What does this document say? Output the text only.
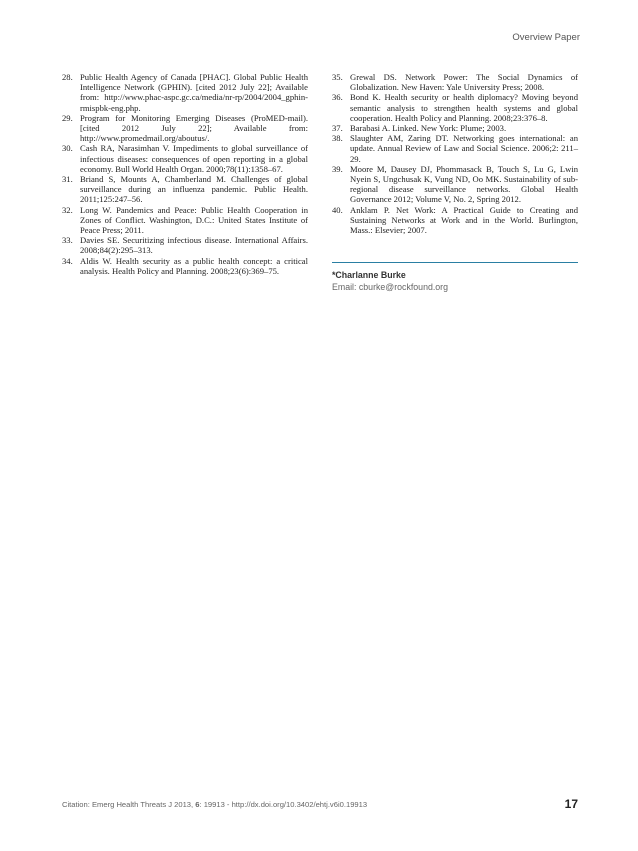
Overview Paper
28. Public Health Agency of Canada [PHAC]. Global Public Health Intelligence Network (GPHIN). [cited 2012 July 22]; Available from: http://www.phac-aspc.gc.ca/media/nr-rp/2004/2004_gphin-rmispbk-eng.php.
29. Program for Monitoring Emerging Diseases (ProMED-mail). [cited 2012 July 22]; Available from: http://www.promedmail.org/aboutus/.
30. Cash RA, Narasimhan V. Impediments to global surveillance of infectious diseases: consequences of open reporting in a global economy. Bull World Health Organ. 2000;78(11):1358–67.
31. Briand S, Mounts A, Chamberland M. Challenges of global surveillance during an influenza pandemic. Public Health. 2011;125:247–56.
32. Long W. Pandemics and Peace: Public Health Cooperation in Zones of Conflict. Washington, D.C.: United States Institute of Peace Press; 2011.
33. Davies SE. Securitizing infectious disease. International Affairs. 2008;84(2):295–313.
34. Aldis W. Health security as a public health concept: a critical analysis. Health Policy and Planning. 2008;23(6):369–75.
35. Grewal DS. Network Power: The Social Dynamics of Globalization. New Haven: Yale University Press; 2008.
36. Bond K. Health security or health diplomacy? Moving beyond semantic analysis to strengthen health systems and global cooperation. Health Policy and Planning. 2008;23:376–8.
37. Barabasi A. Linked. New York: Plume; 2003.
38. Slaughter AM, Zaring DT. Networking goes international: an update. Annual Review of Law and Social Science. 2006;2: 211–29.
39. Moore M, Dausey DJ, Phommasack B, Touch S, Lu G, Lwin Nyein S, Ungchusak K, Vung ND, Oo MK. Sustainability of sub-regional disease surveillance networks. Global Health Governance 2012; Volume V, No. 2, Spring 2012.
40. Anklam P. Net Work: A Practical Guide to Creating and Sustaining Networks at Work and in the World. Burlington, Mass.: Elsevier; 2007.
*Charlanne Burke
Email: cburke@rockfound.org
Citation: Emerg Health Threats J 2013, 6: 19913 - http://dx.doi.org/10.3402/ehtj.v6i0.19913	17
